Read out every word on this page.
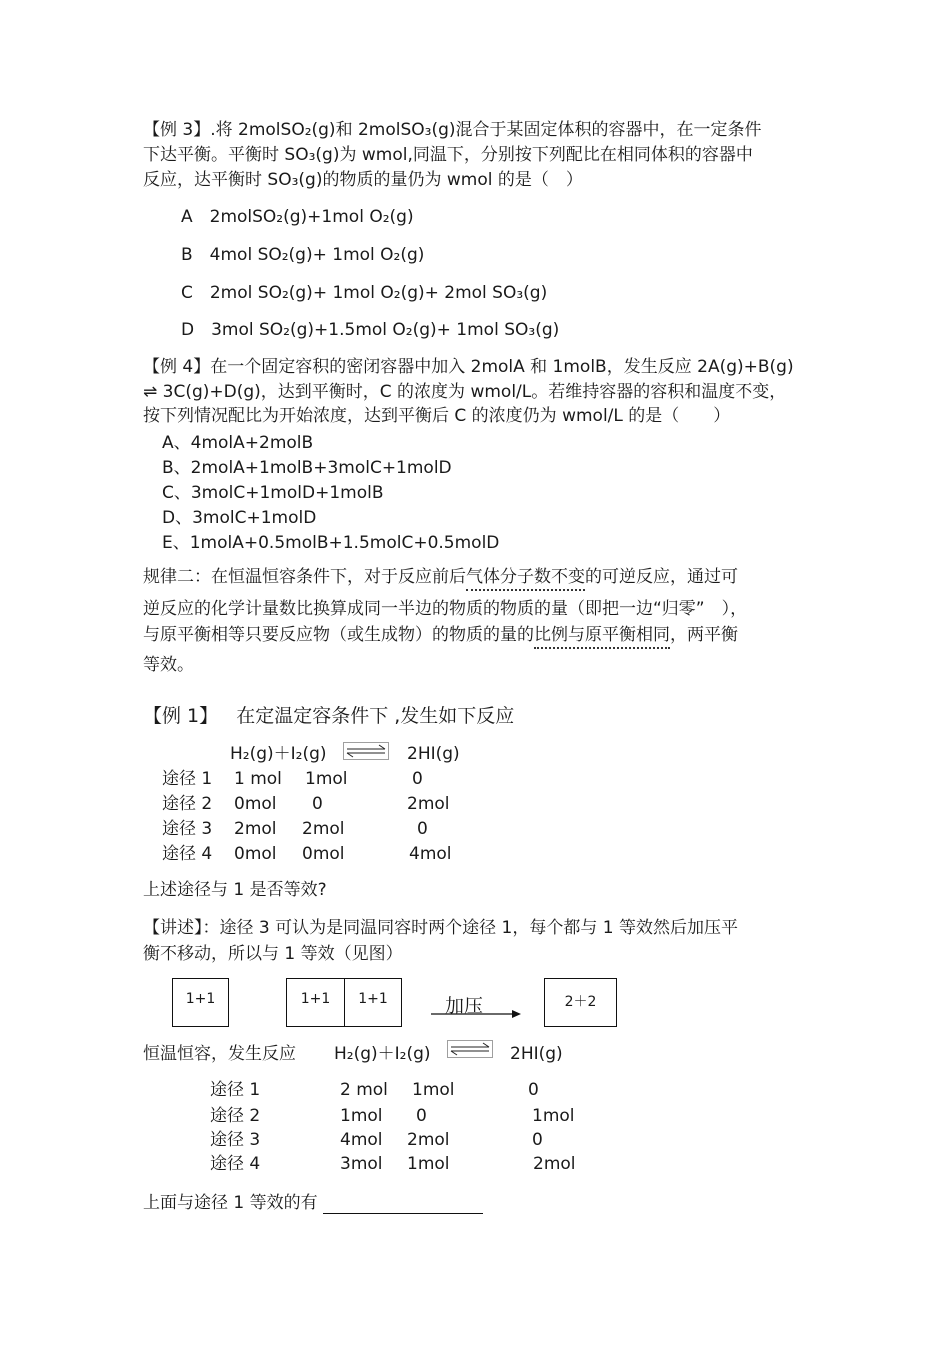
【例 3】.将 2molSO₂(g)和 2molSO₃(g)混合于某固定体积的容器中，在一定条件
下达平衡。平衡时 SO₃(g)为 wmol,同温下，分别按下列配比在相同体积的容器中
反应，达平衡时 SO₃(g)的物质的量仍为 wmol 的是（　）
A　2molSO₂(g)+1mol O₂(g)
B　4mol SO₂(g)+ 1mol O₂(g)
C　2mol SO₂(g)+ 1mol O₂(g)+ 2mol SO₃(g)
D　3mol SO₂(g)+1.5mol O₂(g)+ 1mol SO₃(g)
【例 4】在一个固定容积的密闭容器中加入 2molA 和 1molB，发生反应 2A(g)+B(g)
⇌ 3C(g)+D(g)，达到平衡时，C 的浓度为 wmol/L。若维持容器的容积和温度不变，
按下列情况配比为开始浓度，达到平衡后 C 的浓度仍为 wmol/L 的是（　　）
A、4molA+2molB
B、2molA+1molB+3molC+1molD
C、3molC+1molD+1molB
D、3molC+1molD
E、1molA+0.5molB+1.5molC+0.5molD
规律二：在恒温恒容条件下，对于反应前后气体分子数不变的可逆反应，通过可
逆反应的化学计量数比换算成同一半边的物质的物质的量（即把一边“归零”　），
与原平衡相等只要反应物（或生成物）的物质的量的比例与原平衡相同，两平衡
等效。
【例 1】 在定温定容条件下 ,发生如下反应
H₂(g)＋I₂(g)	2HI(g)
途径 1 1 mol 1mol	0
途径 2 0mol 0	2mol
途径 3 2mol 2mol	0
途径 4 0mol 0mol	4mol
上述途径与 1 是否等效?
【讲述】：途径 3 可认为是同温同容时两个途径 1，每个都与 1 等效然后加压平
衡不移动，所以与 1 等效（见图）
1+1	1+1	1+1	加压	2＋2
恒温恒容，发生反应 H₂(g)＋I₂(g)	2HI(g)
途径 1	2 mol 1mol	0
途径 2	1mol 0	1mol
途径 3	4mol 2mol	0
途径 4	3mol 1mol	2mol
上面与途径 1 等效的有
